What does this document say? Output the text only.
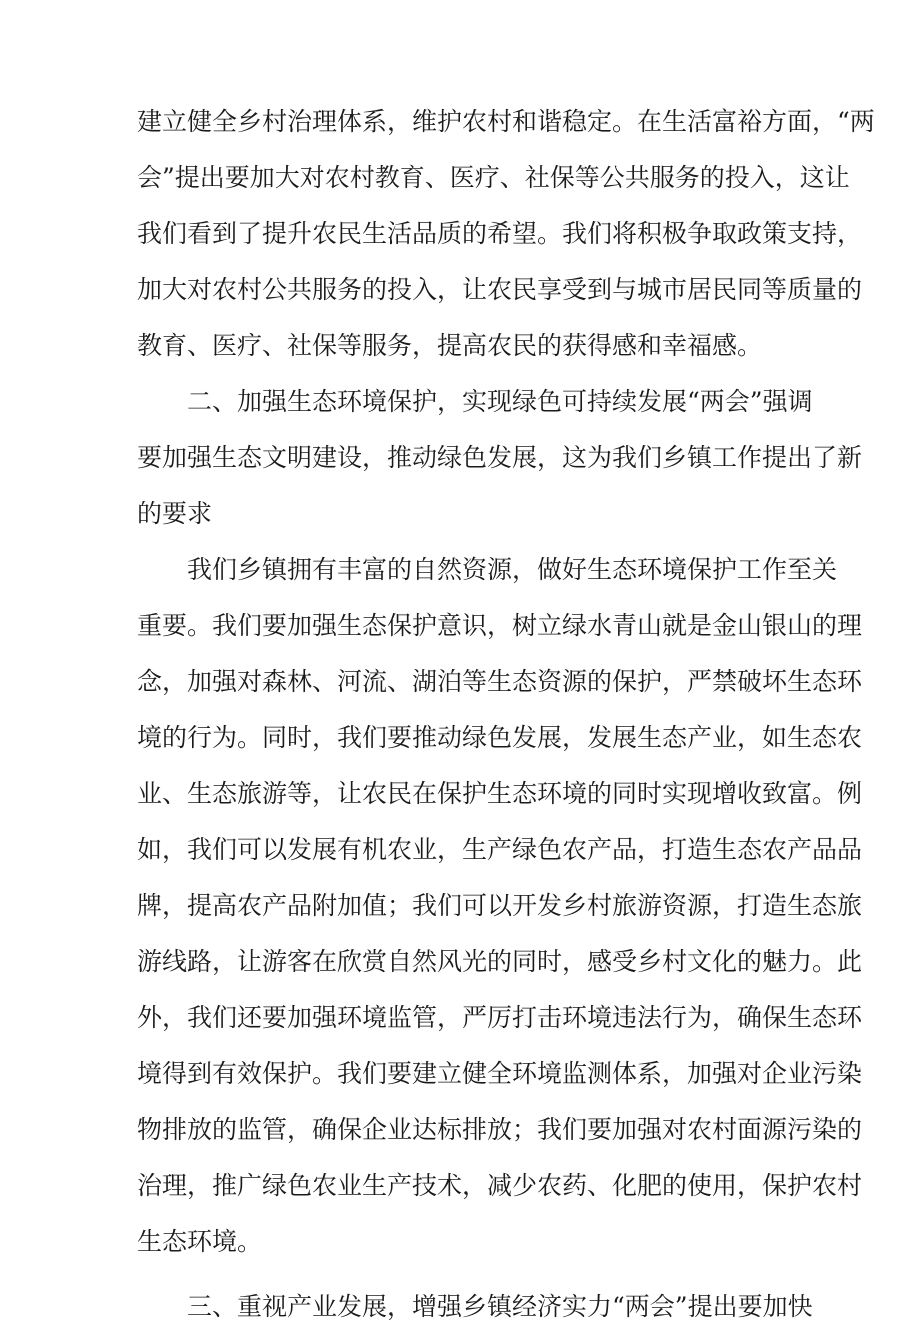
建立健全乡村治理体系，维护农村和谐稳定。在生活富裕方面，“两
会”提出要加大对农村教育、医疗、社保等公共服务的投入，这让
我们看到了提升农民生活品质的希望。我们将积极争取政策支持，
加大对农村公共服务的投入，让农民享受到与城市居民同等质量的
教育、医疗、社保等服务，提高农民的获得感和幸福感。
二、加强生态环境保护，实现绿色可持续发展“两会”强调
要加强生态文明建设，推动绿色发展，这为我们乡镇工作提出了新
的要求
我们乡镇拥有丰富的自然资源，做好生态环境保护工作至关
重要。我们要加强生态保护意识，树立绿水青山就是金山银山的理
念，加强对森林、河流、湖泊等生态资源的保护，严禁破坏生态环
境的行为。同时，我们要推动绿色发展，发展生态产业，如生态农
业、生态旅游等，让农民在保护生态环境的同时实现增收致富。例
如，我们可以发展有机农业，生产绿色农产品，打造生态农产品品
牌，提高农产品附加值；我们可以开发乡村旅游资源，打造生态旅
游线路，让游客在欣赏自然风光的同时，感受乡村文化的魅力。此
外，我们还要加强环境监管，严厉打击环境违法行为，确保生态环
境得到有效保护。我们要建立健全环境监测体系，加强对企业污染
物排放的监管，确保企业达标排放；我们要加强对农村面源污染的
治理，推广绿色农业生产技术，减少农药、化肥的使用，保护农村
生态环境。
三、重视产业发展，增强乡镇经济实力“两会”提出要加快
